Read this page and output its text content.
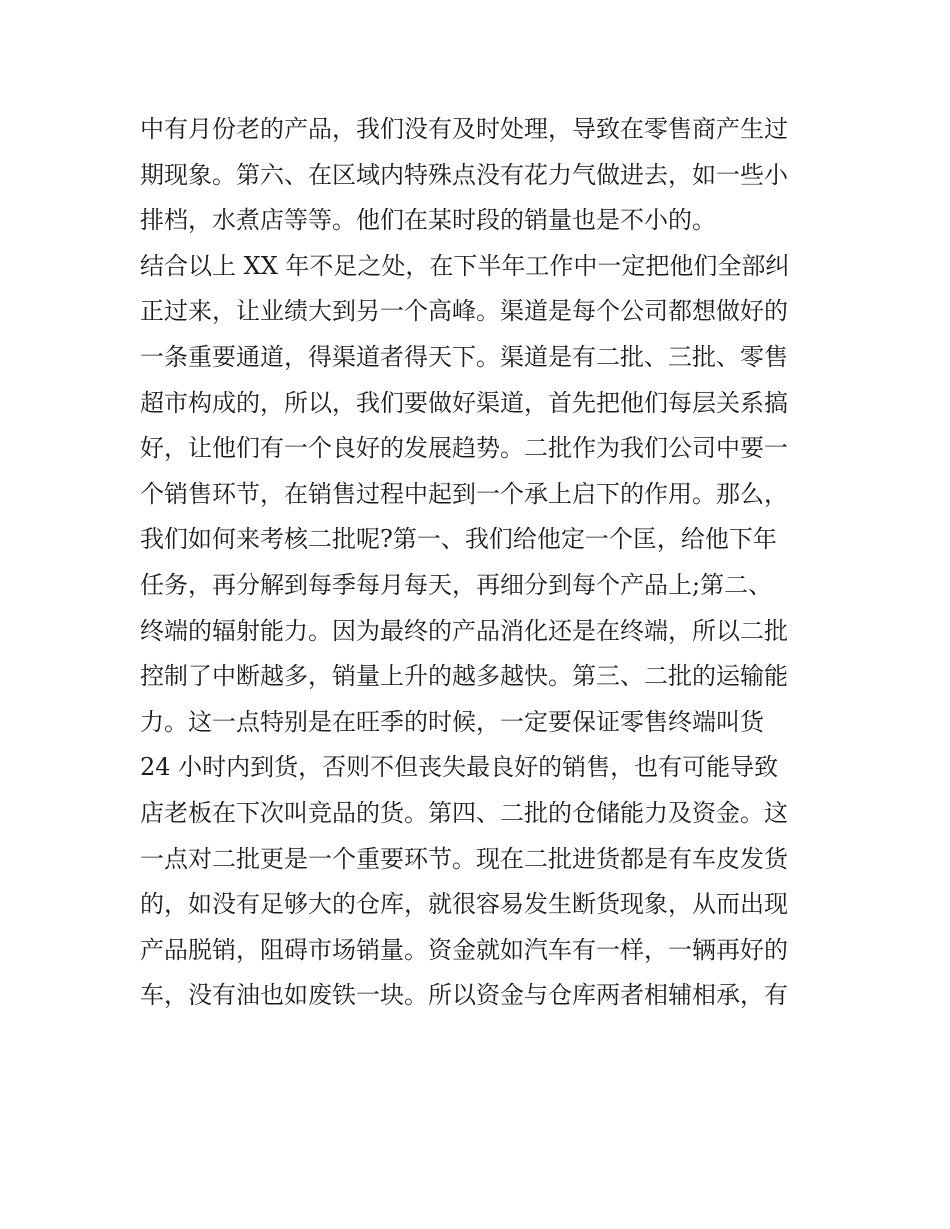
中有月份老的产品，我们没有及时处理，导致在零售商产生过
期现象。第六、在区域内特殊点没有花力气做进去，如一些小
排档，水煮店等等。他们在某时段的销量也是不小的。
结合以上 XX 年不足之处，在下半年工作中一定把他们全部纠
正过来，让业绩大到另一个高峰。渠道是每个公司都想做好的
一条重要通道，得渠道者得天下。渠道是有二批、三批、零售
超市构成的，所以，我们要做好渠道，首先把他们每层关系搞
好，让他们有一个良好的发展趋势。二批作为我们公司中要一
个销售环节，在销售过程中起到一个承上启下的作用。那么，
我们如何来考核二批呢?第一、我们给他定一个匡，给他下年
任务，再分解到每季每月每天，再细分到每个产品上;第二、
终端的辐射能力。因为最终的产品消化还是在终端，所以二批
控制了中断越多，销量上升的越多越快。第三、二批的运输能
力。这一点特别是在旺季的时候，一定要保证零售终端叫货
24 小时内到货，否则不但丧失最良好的销售，也有可能导致
店老板在下次叫竞品的货。第四、二批的仓储能力及资金。这
一点对二批更是一个重要环节。现在二批进货都是有车皮发货
的，如没有足够大的仓库，就很容易发生断货现象，从而出现
产品脱销，阻碍市场销量。资金就如汽车有一样，一辆再好的
车，没有油也如废铁一块。所以资金与仓库两者相辅相承，有
